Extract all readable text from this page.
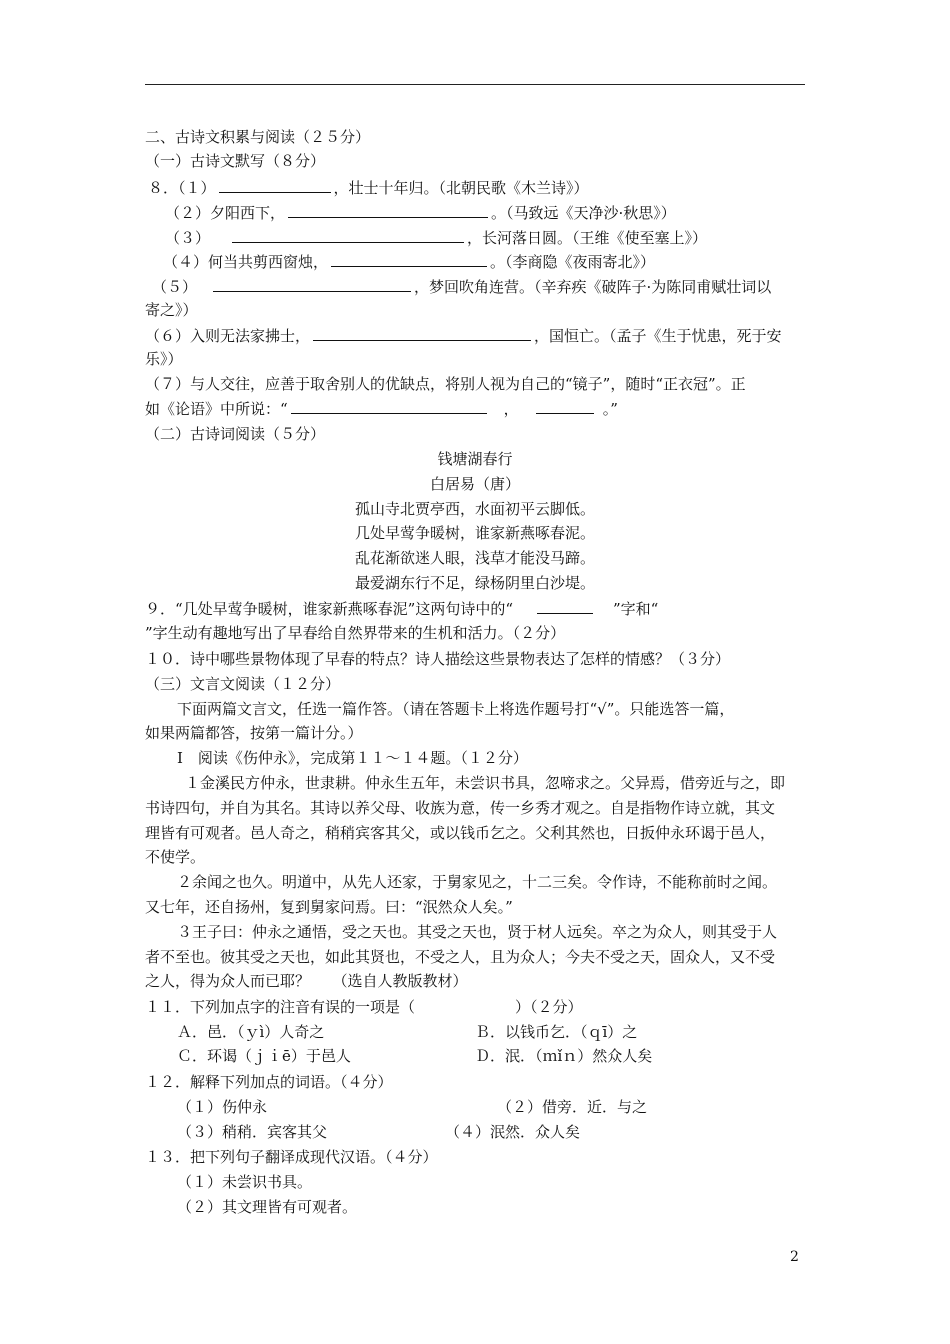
二、古诗文积累与阅读（２５分）
（一）古诗文默写（８分）
８．（１）	，壮士十年归。（北朝民歌《木兰诗》）
（２）夕阳西下，	。（马致远《天净沙·秋思》）
（３）	，长河落日圆。（王维《使至塞上》）
（４）何当共剪西窗烛，	。（李商隐《夜雨寄北》）
（５）	，梦回吹角连营。（辛弃疾《破阵子·为陈同甫赋壮词以
寄之》）
（６）入则无法家拂士，	，国恒亡。（孟子《生于忧患，死于安
乐》）
（７）与人交往，应善于取舍别人的优缺点，将别人视为自己的“镜子”，随时“正衣冠”。正
如《论语》中所说：“	，	。”
（二）古诗词阅读（５分）
钱塘湖春行
白居易（唐）
孤山寺北贾亭西，水面初平云脚低。
几处早莺争暖树，谁家新燕啄春泥。
乱花渐欲迷人眼，浅草才能没马蹄。
最爱湖东行不足，绿杨阴里白沙堤。
９．“几处早莺争暖树，谁家新燕啄春泥”这两句诗中的“	”字和“
”字生动有趣地写出了早春给自然界带来的生机和活力。（２分）
１０．诗中哪些景物体现了早春的特点？诗人描绘这些景物表达了怎样的情感？（３分）
（三）文言文阅读（１２分）
下面两篇文言文，任选一篇作答。（请在答题卡上将选作题号打“√”。只能选答一篇，
如果两篇都答，按第一篇计分。）
Ⅰ　阅读《伤仲永》，完成第１１～１４题。（１２分）
１金溪民方仲永，世隶耕。仲永生五年，未尝识书具，忽啼求之。父异焉，借旁近与之，即
书诗四句，并自为其名。其诗以养父母、收族为意，传一乡秀才观之。自是指物作诗立就，其文
理皆有可观者。邑人奇之，稍稍宾客其父，或以钱币乞之。父利其然也，日扳仲永环谒于邑人，
不使学。
２余闻之也久。明道中，从先人还家，于舅家见之，十二三矣。令作诗，不能称前时之闻。
又七年，还自扬州，复到舅家问焉。曰：“泯然众人矣。”
３王子曰：仲永之通悟，受之天也。其受之天也，贤于材人远矣。卒之为众人，则其受于人
者不至也。彼其受之天也，如此其贤也，不受之人，且为众人；今夫不受之天，固众人，又不受
之人，得为众人而已耶？　　（选自人教版教材）
１１．下列加点字的注音有误的一项是（	）（２分）
Ａ．邑．（ｙì）人奇之	Ｂ．以钱币乞．（ｑī）之
Ｃ．环谒（ｊｉē）于邑人	Ｄ．泯．（ｍǐｎ）然众人矣
１２．解释下列加点的词语。（４分）
（１）伤仲永	（２）借旁．近．与之
（３）稍稍．宾客其父	（４）泯然．众人矣
１３．把下列句子翻译成现代汉语。（４分）
（１）未尝识书具。
（２）其文理皆有可观者。
2
